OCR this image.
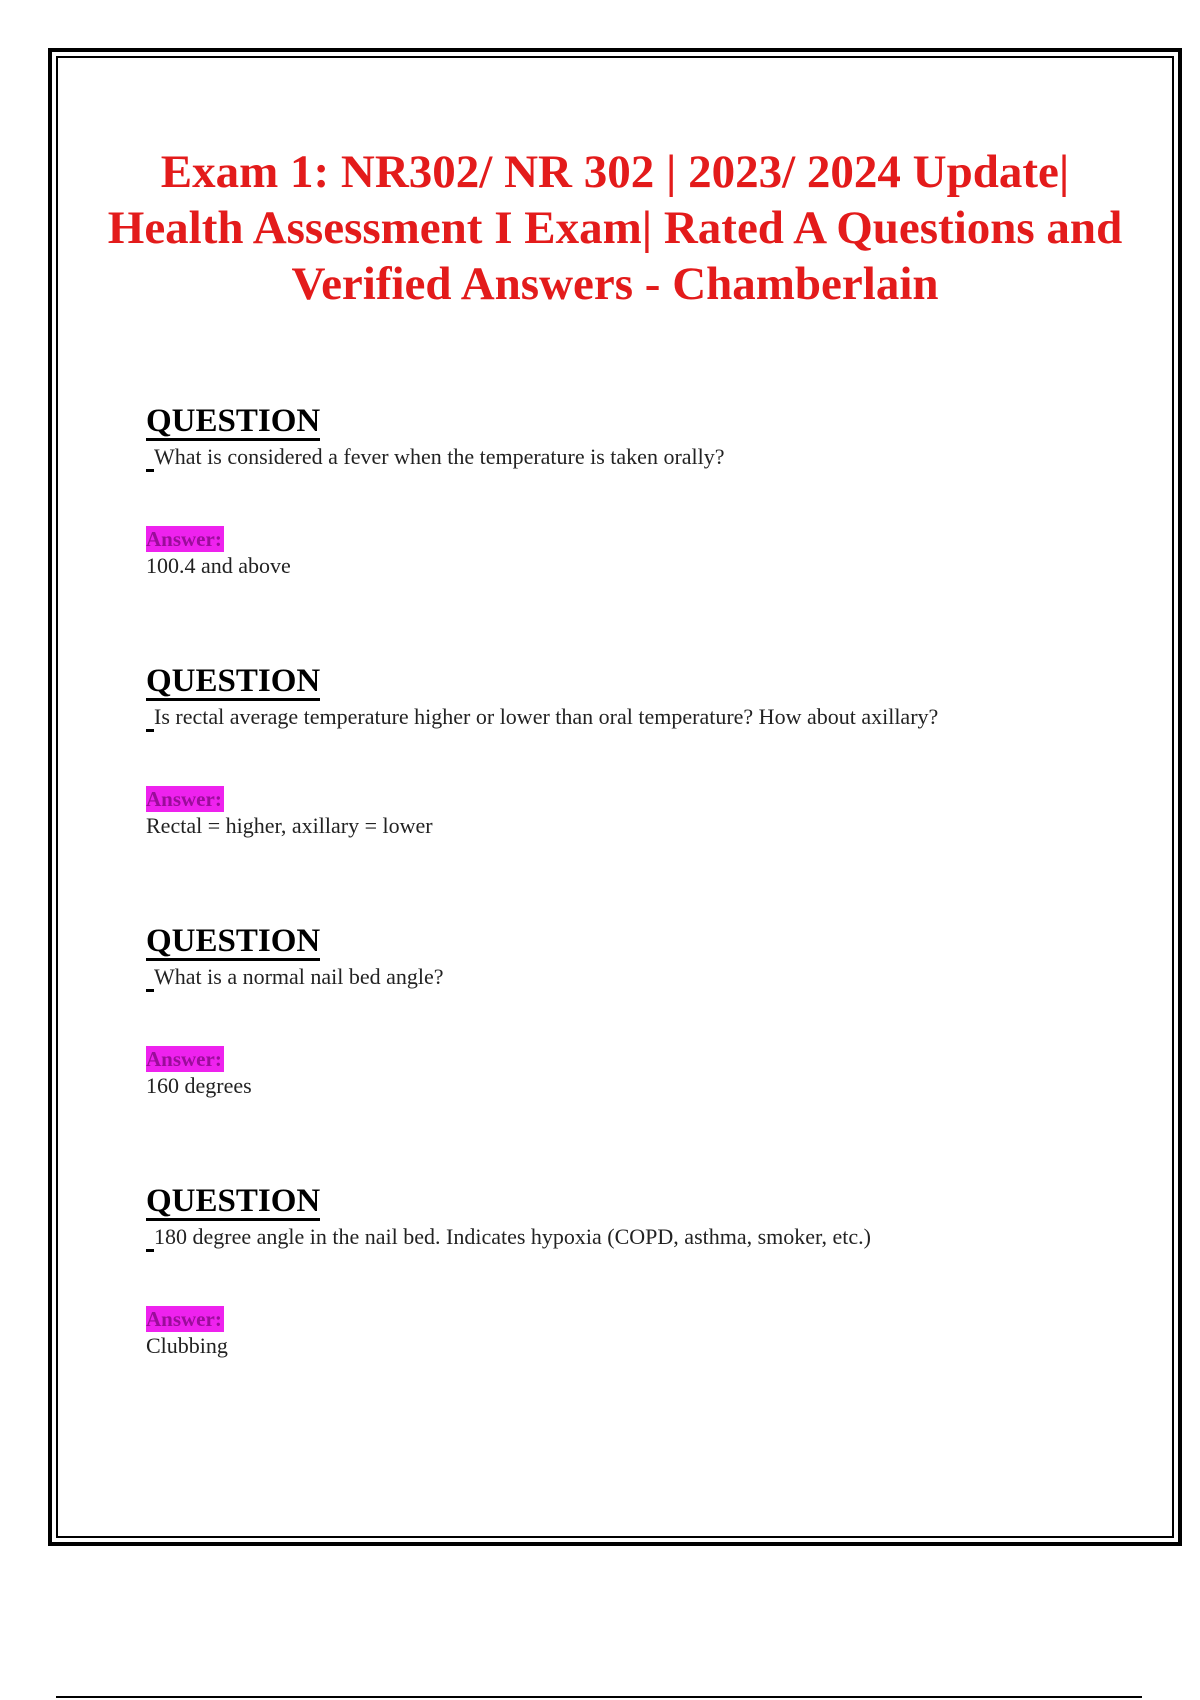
Exam 1: NR302/ NR 302 | 2023/ 2024 Update| Health Assessment I Exam| Rated A Questions and Verified Answers - Chamberlain
QUESTION
What is considered a fever when the temperature is taken orally?
Answer:
100.4 and above
QUESTION
Is rectal average temperature higher or lower than oral temperature? How about axillary?
Answer:
Rectal = higher, axillary = lower
QUESTION
What is a normal nail bed angle?
Answer:
160 degrees
QUESTION
180 degree angle in the nail bed. Indicates hypoxia (COPD, asthma, smoker, etc.)
Answer:
Clubbing
